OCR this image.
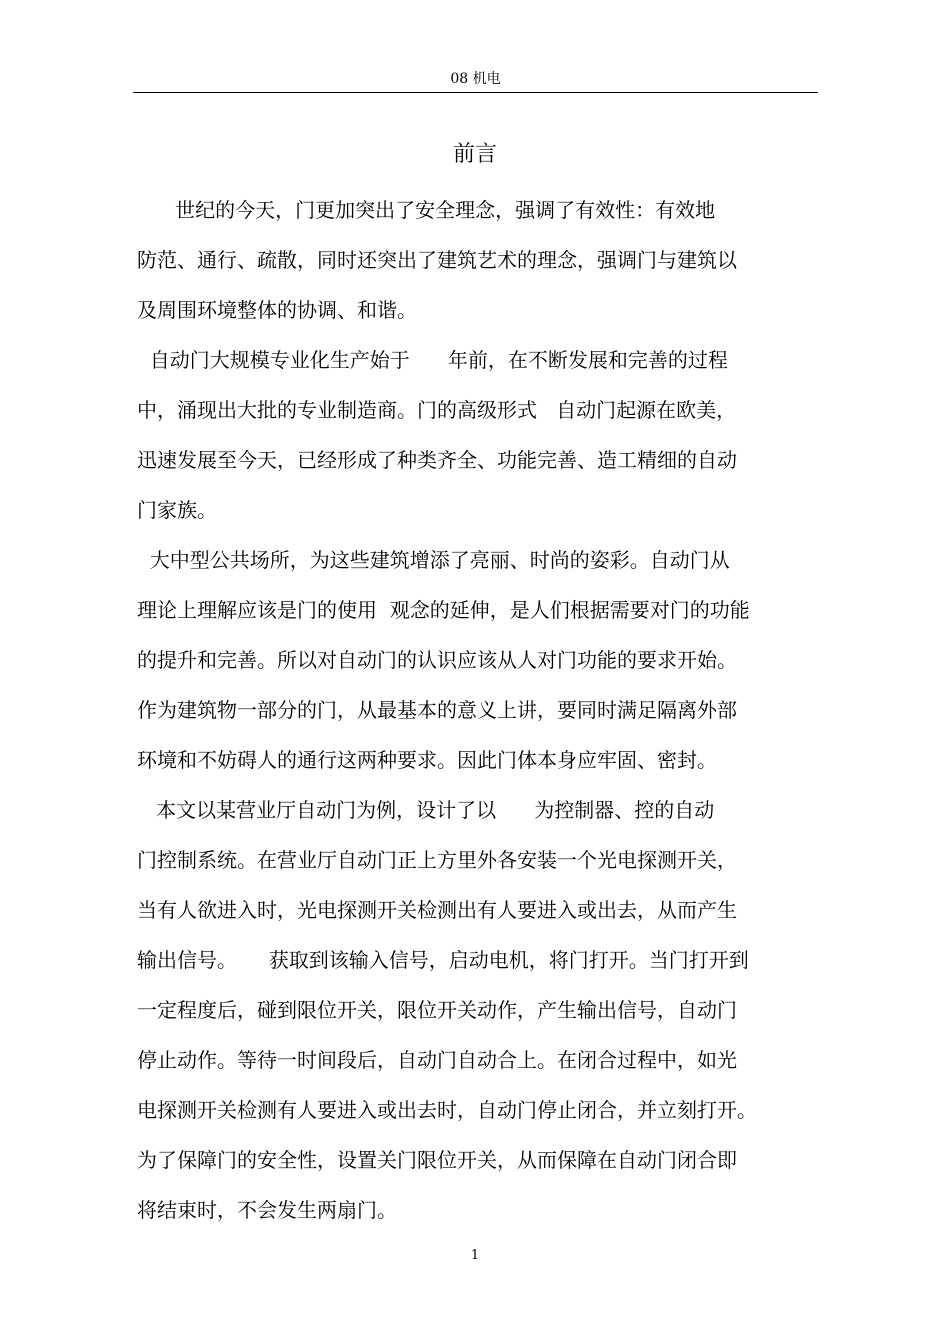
08 机电
前言
世纪的今天，门更加突出了安全理念，强调了有效性：有效地
防范、通行、疏散，同时还突出了建筑艺术的理念，强调门与建筑以
及周围环境整体的协调、和谐。
自动门大规模专业化生产始于      年前，在不断发展和完善的过程
中，涌现出大批的专业制造商。门的高级形式   自动门起源在欧美，
迅速发展至今天，已经形成了种类齐全、功能完善、造工精细的自动
门家族。
大中型公共场所，为这些建筑增添了亮丽、时尚的姿彩。自动门从
理论上理解应该是门的使用  观念的延伸，是人们根据需要对门的功能
的提升和完善。所以对自动门的认识应该从人对门功能的要求开始。
作为建筑物一部分的门，从最基本的意义上讲，要同时满足隔离外部
环境和不妨碍人的通行这两种要求。因此门体本身应牢固、密封。
本文以某营业厅自动门为例，设计了以      为控制器、控的自动
门控制系统。在营业厅自动门正上方里外各安装一个光电探测开关，
当有人欲进入时，光电探测开关检测出有人要进入或出去，从而产生
输出信号。     获取到该输入信号，启动电机，将门打开。当门打开到
一定程度后，碰到限位开关，限位开关动作，产生输出信号，自动门
停止动作。等待一时间段后，自动门自动合上。在闭合过程中，如光
电探测开关检测有人要进入或出去时，自动门停止闭合，并立刻打开。
为了保障门的安全性，设置关门限位开关，从而保障在自动门闭合即
将结束时，不会发生两扇门。
1
